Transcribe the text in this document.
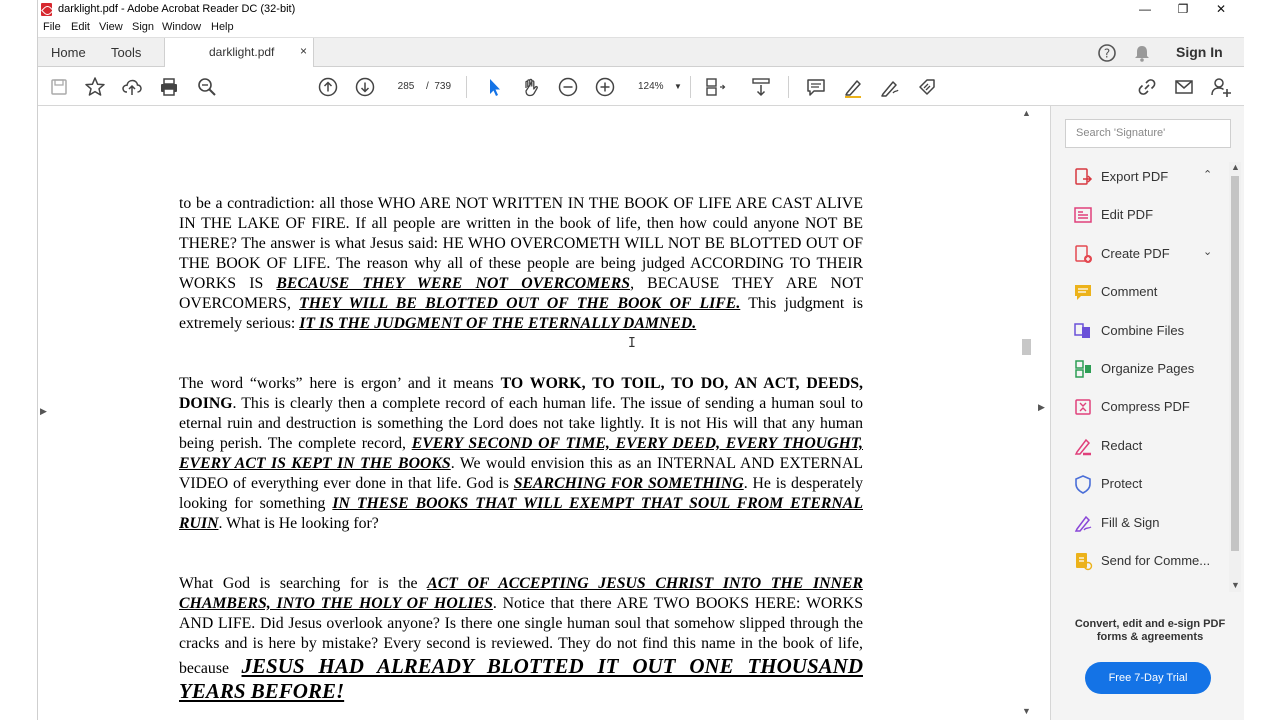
darklight.pdf - Adobe Acrobat Reader DC (32-bit)	—	❐	✕
File Edit View Sign Window Help
Home Tools	darklight.pdf ×	?	Sign In
285	/ 739	124% ▼
▶
to be a contradiction: all those WHO ARE NOT WRITTEN IN THE BOOK OF LIFE ARE CAST ALIVE IN THE LAKE OF FIRE. If all people are written in the book of life, then how could anyone NOT BE THERE? The answer is what Jesus said: HE WHO OVERCOMETH WILL NOT BE BLOTTED OUT OF THE BOOK OF LIFE. The reason why all of these people are being judged ACCORDING TO THEIR WORKS IS BECAUSE THEY WERE NOT OVERCOMERS, BECAUSE THEY ARE NOT OVERCOMERS, THEY WILL BE BLOTTED OUT OF THE BOOK OF LIFE. This judgment is extremely serious: IT IS THE JUDGMENT OF THE ETERNALLY DAMNED.
The word “works” here is ergon’ and it means TO WORK, TO TOIL, TO DO, AN ACT, DEEDS, DOING. This is clearly then a complete record of each human life. The issue of sending a human soul to eternal ruin and destruction is something the Lord does not take lightly. It is not His will that any human being perish. The complete record, EVERY SECOND OF TIME, EVERY DEED, EVERY THOUGHT, EVERY ACT IS KEPT IN THE BOOKS. We would envision this as an INTERNAL AND EXTERNAL VIDEO of everything ever done in that life. God is SEARCHING FOR SOMETHING. He is desperately looking for something IN THESE BOOKS THAT WILL EXEMPT THAT SOUL FROM ETERNAL RUIN. What is He looking for?
What God is searching for is the ACT OF ACCEPTING JESUS CHRIST INTO THE INNER CHAMBERS, INTO THE HOLY OF HOLIES. Notice that there ARE TWO BOOKS HERE: WORKS AND LIFE. Did Jesus overlook anyone? Is there one single human soul that somehow slipped through the cracks and is here by mistake? Every second is reviewed. They do not find this name in the book of life, because JESUS HAD ALREADY BLOTTED IT OUT ONE THOUSAND YEARS BEFORE!
I
▲
▼
▶
Search 'Signature'
Export PDF	⌃
Edit PDF
Create PDF	⌄
Comment
Combine Files
Organize Pages
Compress PDF
Redact
Protect
Fill & Sign
Send for Comme...
▲
▼
Convert, edit and e-sign PDF forms & agreements
Free 7-Day Trial
